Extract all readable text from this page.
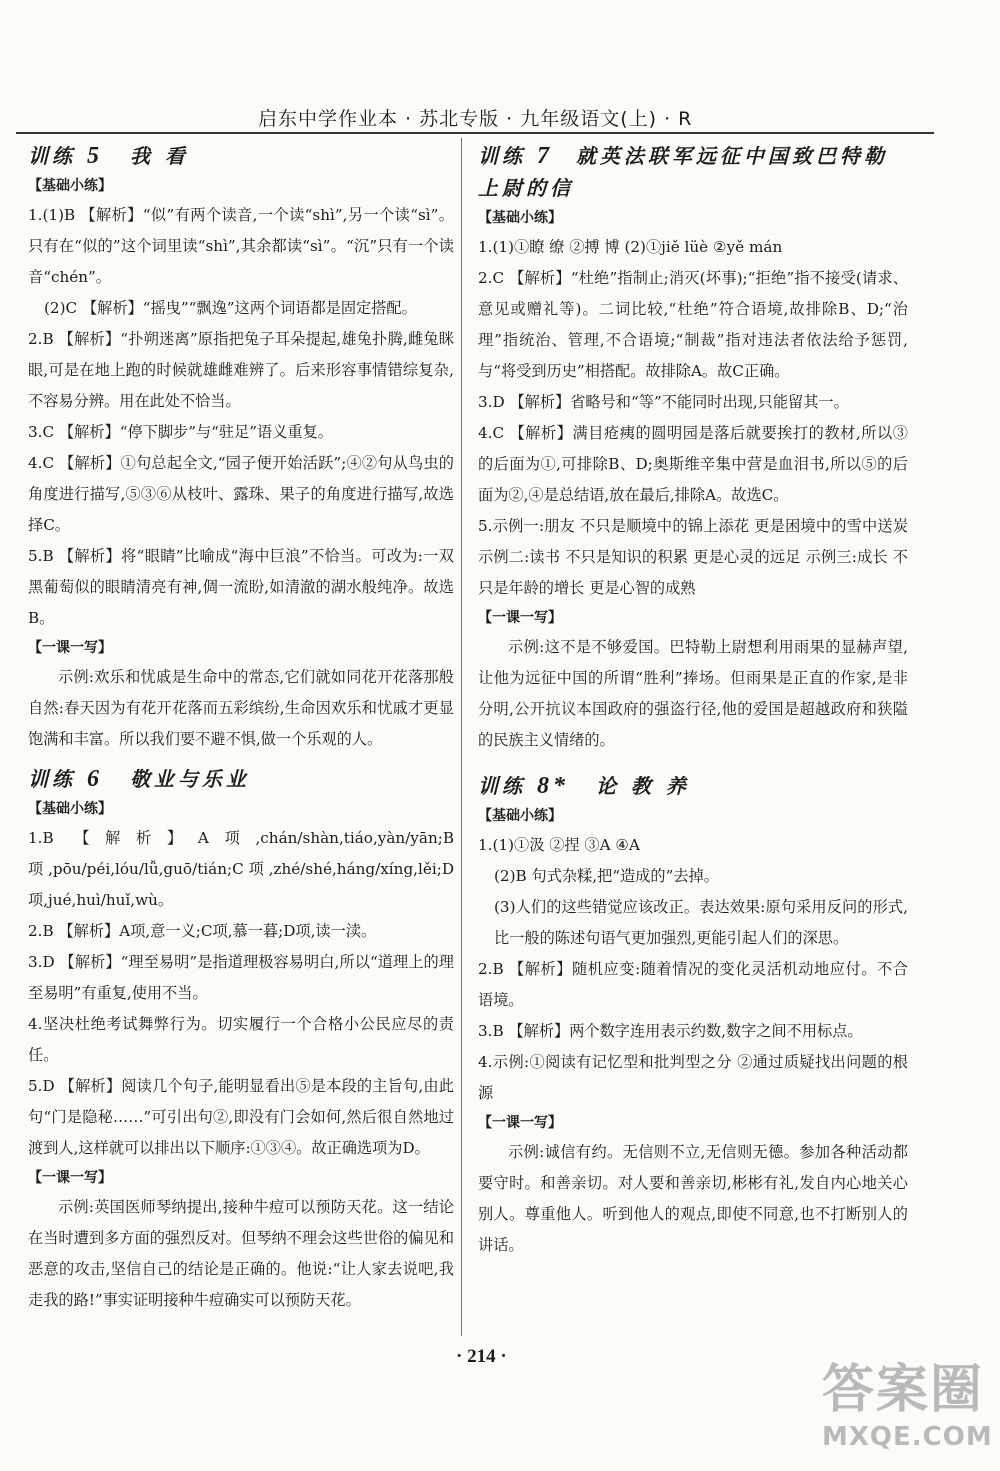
启东中学作业本 · 苏北专版 · 九年级语文(上) · R
训练 5 我 看
【基础小练】

1.(1)B 【解析】“似”有两个读音,一个读“shì”,另一个读“sì”。只有在“似的”这个词里读“shì”,其余都读“sì”。“沉”只有一个读音“chén”。

(2)C 【解析】“摇曳”“飘逸”这两个词语都是固定搭配。

2.B 【解析】“扑朔迷离”原指把兔子耳朵提起,雄兔扑腾,雌兔眯眼,可是在地上跑的时候就雄雌难辨了。后来形容事情错综复杂,不容易分辨。用在此处不恰当。

3.C 【解析】“停下脚步”与“驻足”语义重复。

4.C 【解析】①句总起全文,“园子便开始活跃”;④②句从鸟虫的角度进行描写,⑤③⑥从枝叶、露珠、果子的角度进行描写,故选择C。

5.B 【解析】将“眼睛”比喻成“海中巨浪”不恰当。可改为:一双黑葡萄似的眼睛清亮有神,倜一流盼,如清澈的湖水般纯净。故选B。

【一课一写】

示例:欢乐和忧戚是生命中的常态,它们就如同花开花落那般自然:春天因为有花开花落而五彩缤纷,生命因欢乐和忧戚才更显饱满和丰富。所以我们要不避不惧,做一个乐观的人。

训练 6 敬业与乐业
【基础小练】

1.B 【解析】A项,chán/shàn,tiáo,yàn/yān;B项,pōu/péi,lóu/lǚ,guō/tián;C项,zhé/shé,háng/xíng,lěi;D项,jué,huì/huǐ,wù。

2.B 【解析】A项,意一义;C项,慕一暮;D项,读一渎。

3.D 【解析】“理至易明”是指道理极容易明白,所以“道理上的理至易明”有重复,使用不当。

4.坚决杜绝考试舞弊行为。切实履行一个合格小公民应尽的责任。

5.D 【解析】阅读几个句子,能明显看出⑤是本段的主旨句,由此句“门是隐秘……”可引出句②,即没有门会如何,然后很自然地过渡到人,这样就可以排出以下顺序:①③④。故正确选项为D。

【一课一写】

示例:英国医师琴纳提出,接种牛痘可以预防天花。这一结论在当时遭到多方面的强烈反对。但琴纳不理会这些世俗的偏见和恶意的攻击,坚信自己的结论是正确的。他说:“让人家去说吧,我走我的路!”事实证明接种牛痘确实可以预防天花。

训练 7 就英法联军远征中国致巴特勒上尉的信
【基础小练】

1.(1)①瞭 缭 ②搏 博 (2)①jiě lüè ②yě mán

2.C 【解析】“杜绝”指制止;消灭(坏事);“拒绝”指不接受(请求、意见或赠礼等)。二词比较,“杜绝”符合语境,故排除B、D;“治理”指统治、管理,不合语境;“制裁”指对违法者依法给予惩罚,与“将受到历史”相搭配。故排除A。故C正确。

3.D 【解析】省略号和“等”不能同时出现,只能留其一。

4.C 【解析】满目疮痍的圆明园是落后就要挨打的教材,所以③的后面为①,可排除B、D;奥斯维辛集中营是血泪书,所以⑤的后面为②,④是总结语,放在最后,排除A。故选C。

5.示例一:朋友 不只是顺境中的锦上添花 更是困境中的雪中送炭 示例二:读书 不只是知识的积累 更是心灵的远足 示例三:成长 不只是年龄的增长 更是心智的成熟

【一课一写】

示例:这不是不够爱国。巴特勒上尉想利用雨果的显赫声望,让他为远征中国的所谓“胜利”捧场。但雨果是正直的作家,是非分明,公开抗议本国政府的强盗行径,他的爱国是超越政府和狭隘的民族主义情绪的。

训练 8* 论 教 养
【基础小练】

1.(1)①汲 ②捏 ③A ④A

(2)B 句式杂糅,把“造成的”去掉。

(3)人们的这些错觉应该改正。表达效果:原句采用反问的形式,比一般的陈述句语气更加强烈,更能引起人们的深思。

2.B 【解析】随机应变:随着情况的变化灵活机动地应付。不合语境。

3.B 【解析】两个数字连用表示约数,数字之间不用标点。

4.示例:①阅读有记忆型和批判型之分 ②通过质疑找出问题的根源

【一课一写】

示例:诚信有约。无信则不立,无信则无德。参加各种活动都要守时。和善亲切。对人要和善亲切,彬彬有礼,发自内心地关心别人。尊重他人。听到他人的观点,即使不同意,也不打断别人的讲话。

· 214 ·
答案圈
MXQE.COM
